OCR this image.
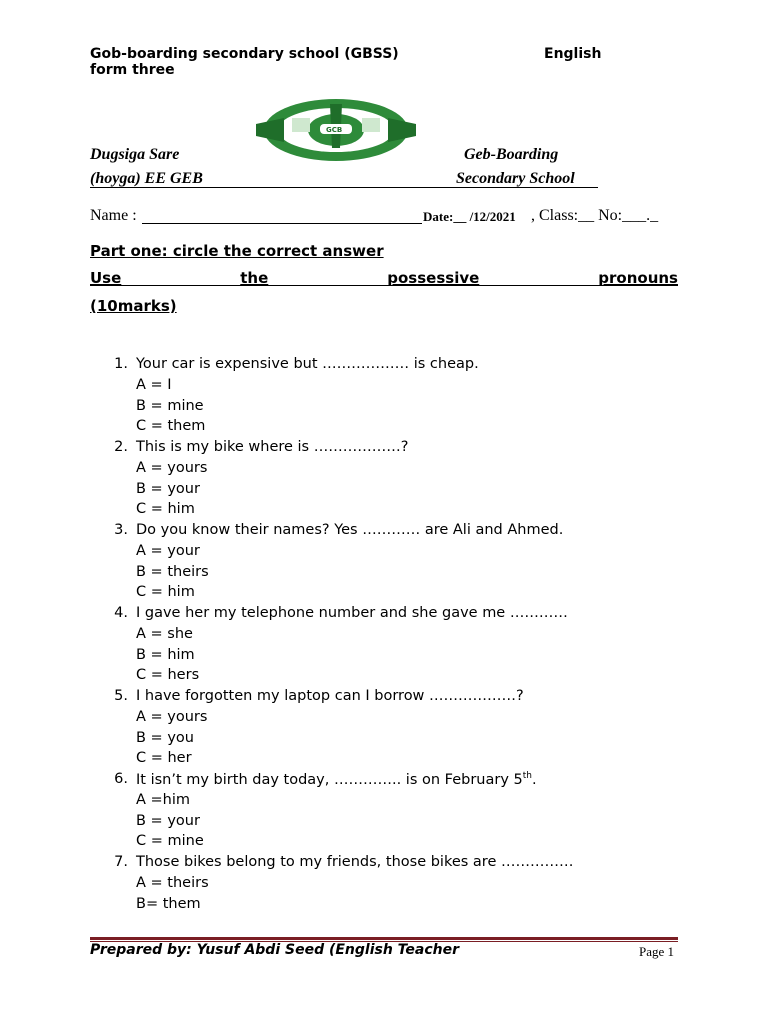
Gob-boarding secondary school (GBSS)	English
form three
GCB
Dugsiga Sare	Geb-Boarding
(hoyga) EE GEB	Secondary School
Name :	Date:__ /12/2021 , Class:__ No:___._
Part one: circle the correct answer
Use	the	possessive	pronouns
(10marks)
1. Your car is expensive but ……………… is cheap.
A = I
B = mine
C = them
2. This is my bike where is ………………?
A = yours
B = your
C = him
3. Do you know their names? Yes ………… are Ali and Ahmed.
A = your
B = theirs
C = him
4. I gave her my telephone number and she gave me …………
A = she
B = him
C = hers
5. I have forgotten my laptop can I borrow ………………?
A = yours
B = you
C = her
6. It isn’t my birth day today, ………….. is on February 5th.
A =him
B = your
C = mine
7. Those bikes belong to my friends, those bikes are ……………
A = theirs
B= them
Prepared by: Yusuf Abdi Seed (English Teacher	Page 1
